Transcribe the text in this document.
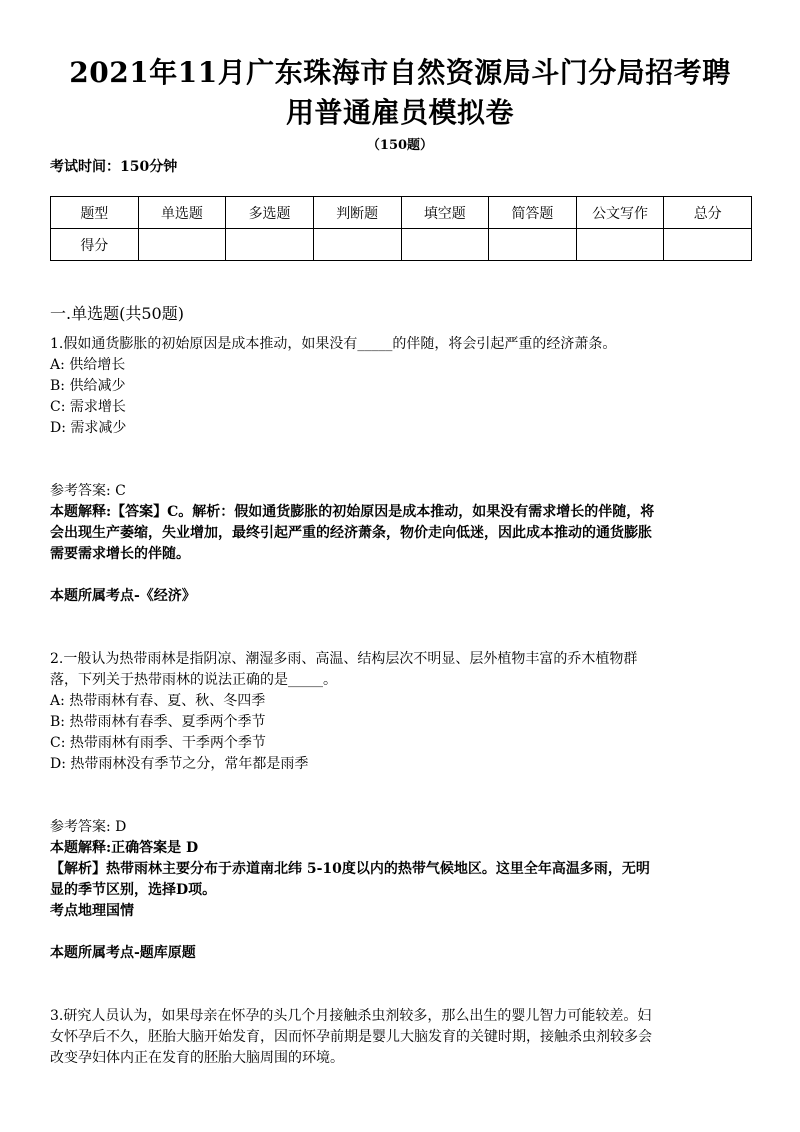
2021年11月广东珠海市自然资源局斗门分局招考聘
用普通雇员模拟卷
（150题）
考试时间：150分钟
题型	单选题	多选题	判断题	填空题	简答题	公文写作	总分
得分							
一.单选题(共50题)
1.假如通货膨胀的初始原因是成本推动，如果没有_____的伴随，将会引起严重的经济萧条。
A: 供给增长
B: 供给减少
C: 需求增长
D: 需求减少
参考答案: C
本题解释:【答案】C。解析：假如通货膨胀的初始原因是成本推动，如果没有需求增长的伴随，将
会出现生产萎缩，失业增加，最终引起严重的经济萧条，物价走向低迷，因此成本推动的通货膨胀
需要需求增长的伴随。
本题所属考点-《经济》
2.一般认为热带雨林是指阴凉、潮湿多雨、高温、结构层次不明显、层外植物丰富的乔木植物群
落，下列关于热带雨林的说法正确的是_____。
A: 热带雨林有春、夏、秋、冬四季
B: 热带雨林有春季、夏季两个季节
C: 热带雨林有雨季、干季两个季节
D: 热带雨林没有季节之分，常年都是雨季
参考答案: D
本题解释:正确答案是 D
【解析】热带雨林主要分布于赤道南北纬 5-10度以内的热带气候地区。这里全年高温多雨，无明
显的季节区别，选择D项。
考点地理国情
本题所属考点-题库原题
3.研究人员认为，如果母亲在怀孕的头几个月接触杀虫剂较多，那么出生的婴儿智力可能较差。妇
女怀孕后不久，胚胎大脑开始发育，因而怀孕前期是婴儿大脑发育的关键时期，接触杀虫剂较多会
改变孕妇体内正在发育的胚胎大脑周围的环境。
